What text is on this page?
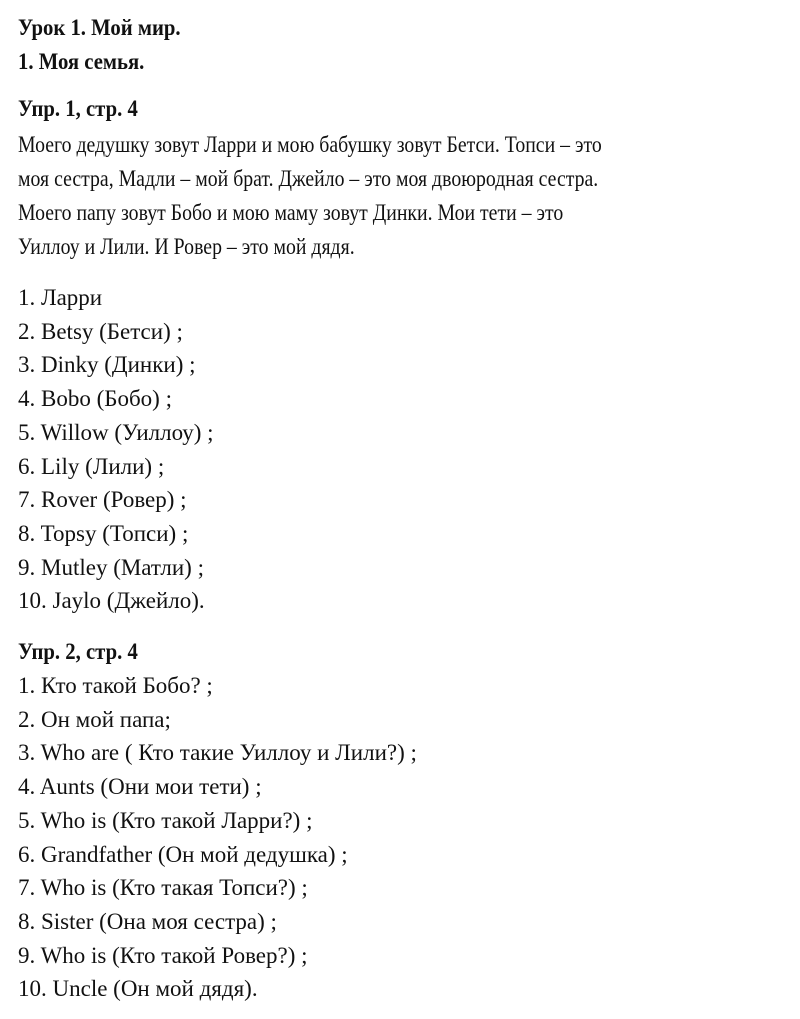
Урок 1. Мой мир.
1. Моя семья.
Упр. 1, стр. 4
Моего дедушку зовут Ларри и мою бабушку зовут Бетси. Топси – это
моя сестра, Мадли – мой брат. Джейло – это моя двоюродная сестра.
Моего папу зовут Бобо и мою маму зовут Динки. Мои тети – это
Уиллоу и Лили. И Ровер – это мой дядя.
1. Ларри
2. Betsy (Бетси) ;
3. Dinky (Динки) ;
4. Bobo (Бобо) ;
5. Willow (Уиллоу) ;
6. Lily (Лили) ;
7. Rover (Ровер) ;
8. Topsy (Топси) ;
9. Mutley (Матли) ;
10. Jaylo (Джейло).
Упр. 2, стр. 4
1. Кто такой Бобо? ;
2. Он мой папа;
3. Who are ( Кто такие Уиллоу и Лили?) ;
4. Aunts (Они мои тети) ;
5. Who is (Кто такой Ларри?) ;
6. Grandfather (Он мой дедушка) ;
7. Who is (Кто такая Топси?) ;
8. Sister (Она моя сестра) ;
9. Who is (Кто такой Ровер?) ;
10. Uncle (Он мой дядя).
